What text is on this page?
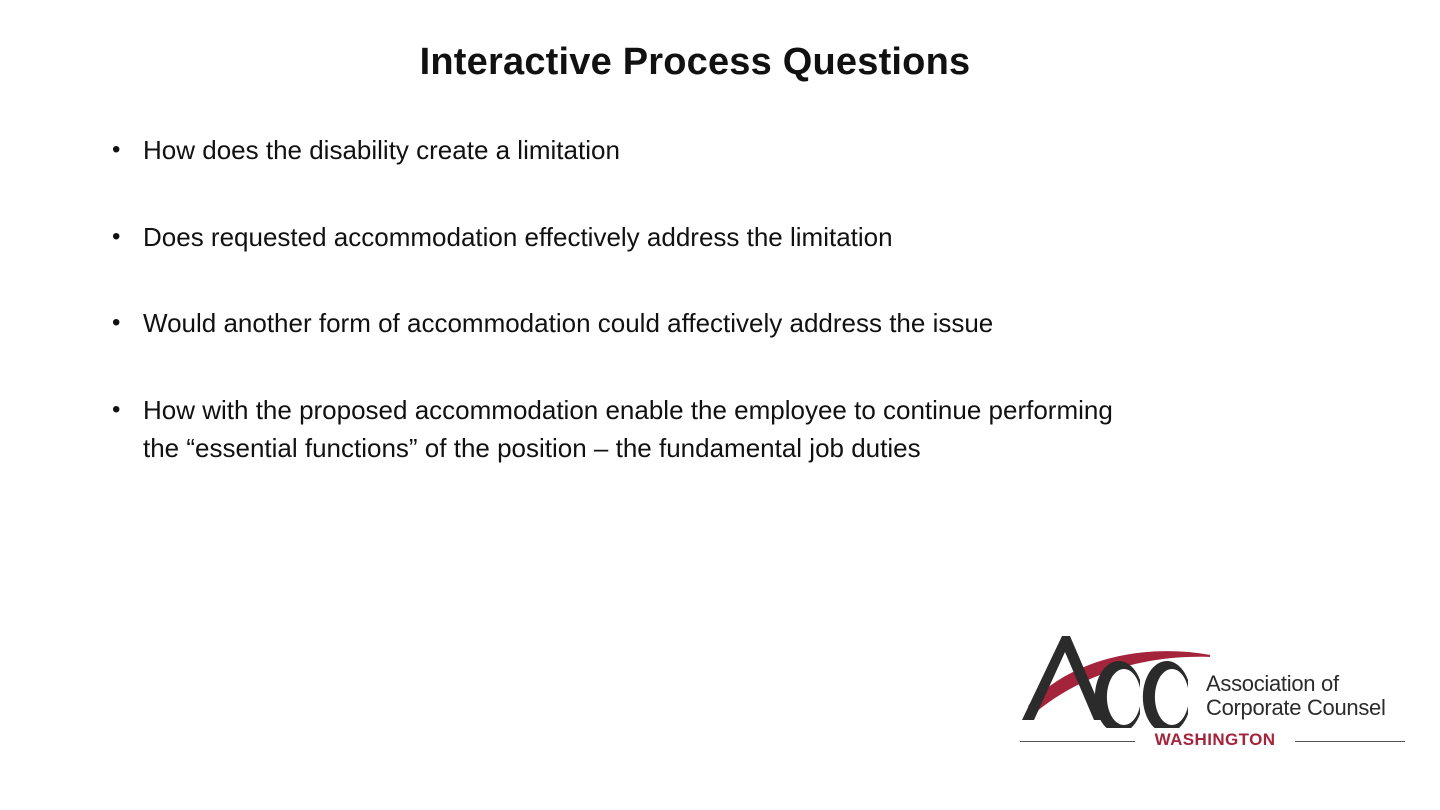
Interactive Process Questions
• How does the disability create a limitation
• Does requested accommodation effectively address the limitation
• Would another form of accommodation could affectively address the issue
• How with the proposed accommodation enable the employee to continue performing the “essential functions” of the position – the fundamental job duties
Association of
Corporate Counsel
WASHINGTON
